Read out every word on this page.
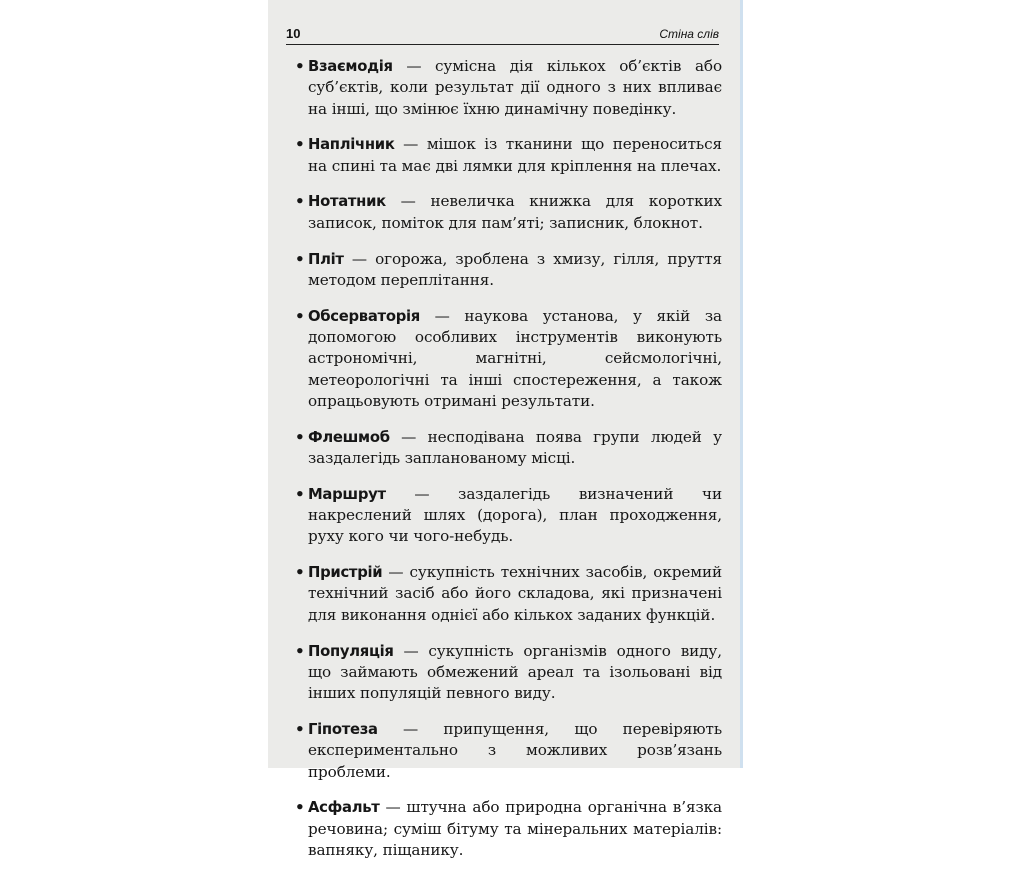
10	Стіна слів
• Взаємодія — сумісна дія кількох об’єктів або суб’єктів, коли результат дії одного з них впливає на інші, що змінює їхню динамічну поведінку.
• Наплічник — мішок із тканини що переноситься на спині та має дві лямки для кріплення на плечах.
• Нотатник — невеличка книжка для коротких записок, поміток для пам’яті; записник, блокнот.
• Пліт — огорожа, зроблена з хмизу, гілля, пруття методом переплітання.
• Обсерваторія — наукова установа, у якій за допомогою особливих інструментів виконують астрономічні, магнітні, сейсмологічні, метеорологічні та інші спостереження, а також опрацьовують отримані результати.
• Флешмоб — несподівана поява групи людей у заздалегідь запланованому місці.
• Маршрут — заздалегідь визначений чи накреслений шлях (дорога), план проходження, руху кого чи чого-небудь.
• Пристрій — сукупність технічних засобів, окремий технічний засіб або його складова, які призначені для виконання однієї або кількох заданих функцій.
• Популяція — сукупність організмів одного виду, що займають обмежений ареал та ізольовані від інших популяцій певного виду.
• Гіпотеза — припущення, що перевіряють експериментально з можливих розв’язань проблеми.
• Асфальт — штучна або природна органічна в’язка речовина; суміш бітуму та мінеральних матеріалів: вапняку, піщанику.
